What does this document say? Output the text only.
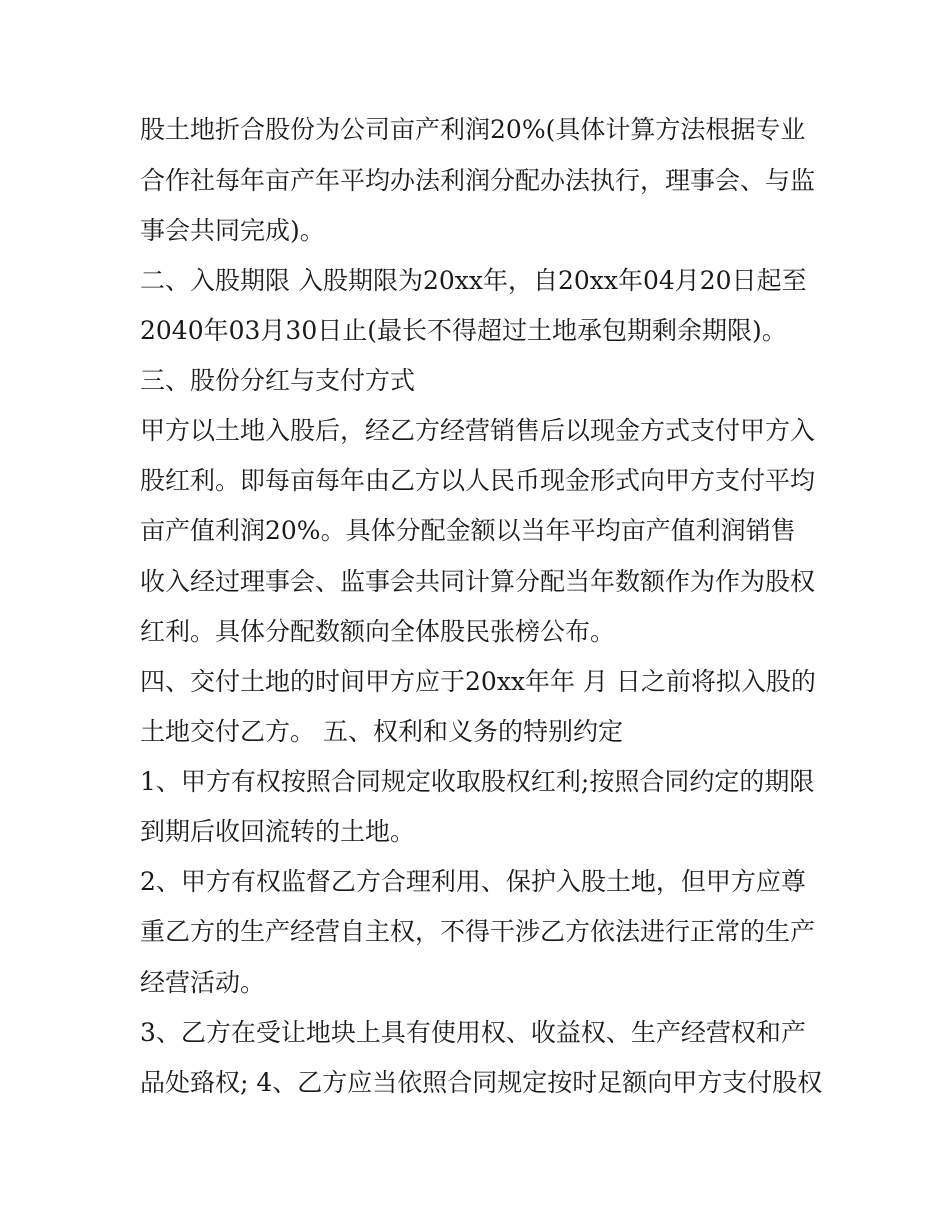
股土地折合股份为公司亩产利润20%(具体计算方法根据专业
合作社每年亩产年平均办法利润分配办法执行，理事会、与监
事会共同完成)。
二、入股期限 入股期限为20xx年，自20xx年04月20日起至
2040年03月30日止(最长不得超过土地承包期剩余期限)。
三、股份分红与支付方式
甲方以土地入股后，经乙方经营销售后以现金方式支付甲方入
股红利。即每亩每年由乙方以人民币现金形式向甲方支付平均
亩产值利润20%。具体分配金额以当年平均亩产值利润销售
收入经过理事会、监事会共同计算分配当年数额作为作为股权
红利。具体分配数额向全体股民张榜公布。
四、交付土地的时间甲方应于20xx年年 月 日之前将拟入股的
土地交付乙方。 五、权利和义务的特别约定
1、甲方有权按照合同规定收取股权红利;按照合同约定的期限
到期后收回流转的土地。
2、甲方有权监督乙方合理利用、保护入股土地，但甲方应尊
重乙方的生产经营自主权，不得干涉乙方依法进行正常的生产
经营活动。
3、乙方在受让地块上具有使用权、收益权、生产经营权和产
品处臵权; 4、乙方应当依照合同规定按时足额向甲方支付股权
